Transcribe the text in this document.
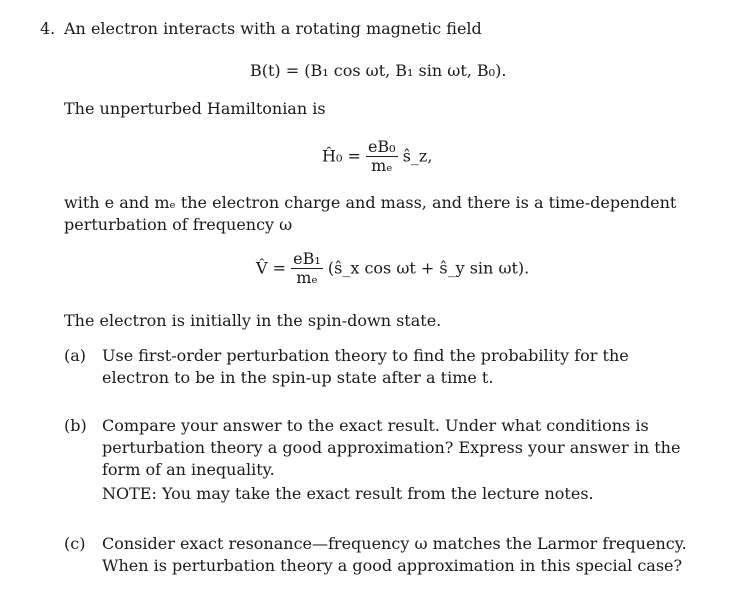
4. An electron interacts with a rotating magnetic field
B(t) = (B₁ cos ωt, B₁ sin ωt, B₀).
The unperturbed Hamiltonian is
Ĥ₀ = $\frac{\text{eB₀}}{\text{mₑ}}$ ŝ_z,
with e and mₑ the electron charge and mass, and there is a time-dependent perturbation of frequency ω
V̂ = $\frac{\text{eB₁}}{\text{mₑ}}$ (ŝ_x cos ωt + ŝ_y sin ωt).
The electron is initially in the spin-down state.
(a) Use first-order perturbation theory to find the probability for the electron to be in the spin-up state after a time t.
(b) Compare your answer to the exact result. Under what conditions is perturbation theory a good approximation? Express your answer in the form of an inequality.
NOTE: You may take the exact result from the lecture notes.
(c) Consider exact resonance—frequency ω matches the Larmor frequency. When is perturbation theory a good approximation in this special case?
